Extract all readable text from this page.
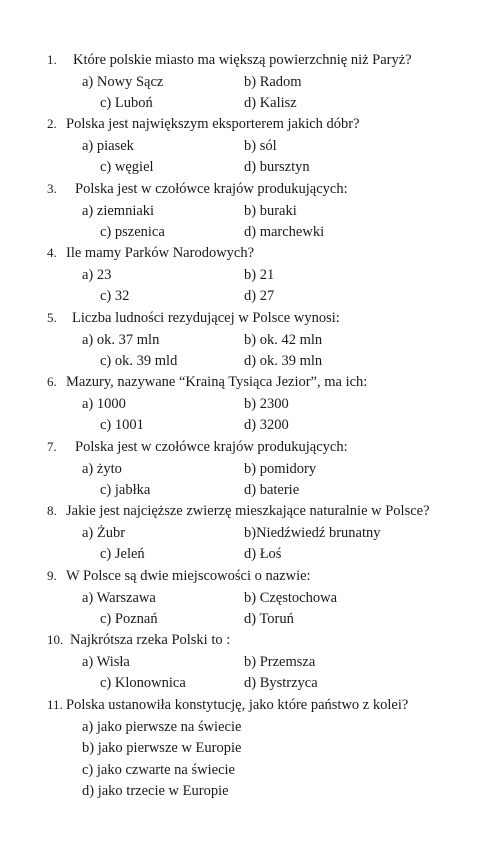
1. Które polskie miasto ma większą powierzchnię niż Paryż?
a) Nowy Sącz	b) Radom
c) Luboń	d) Kalisz
2. Polska jest największym eksporterem jakich dóbr?
a) piasek	b) sól
c) węgiel	d) bursztyn
3. Polska jest w czołówce krajów produkujących:
a) ziemniaki	b) buraki
c) pszenica	d) marchewki
4. Ile mamy Parków Narodowych?
a) 23	b) 21
c) 32	d) 27
5. Liczba ludności rezydującej w Polsce wynosi:
a) ok. 37 mln	b) ok. 42 mln
c) ok. 39 mld	d) ok. 39 mln
6. Mazury, nazywane “Krainą Tysiąca Jezior”, ma ich:
a) 1000	b) 2300
c) 1001	d) 3200
7. Polska jest w czołówce krajów produkujących:
a) żyto	b) pomidory
c) jabłka	d) baterie
8. Jakie jest najcięższe zwierzę mieszkające naturalnie w Polsce?
a) Żubr	b)Niedźwiedź brunatny
c) Jeleń	d) Łoś
9. W Polsce są dwie miejscowości o nazwie:
a) Warszawa	b) Częstochowa
c) Poznań	d) Toruń
10. Najkrótsza rzeka Polski to :
a) Wisła	b) Przemsza
c) Klonownica	d) Bystrzyca
11. Polska ustanowiła konstytucję, jako które państwo z kolei?
a) jako pierwsze na świecie
b) jako pierwsze w Europie
c) jako czwarte na świecie
d) jako trzecie w Europie
